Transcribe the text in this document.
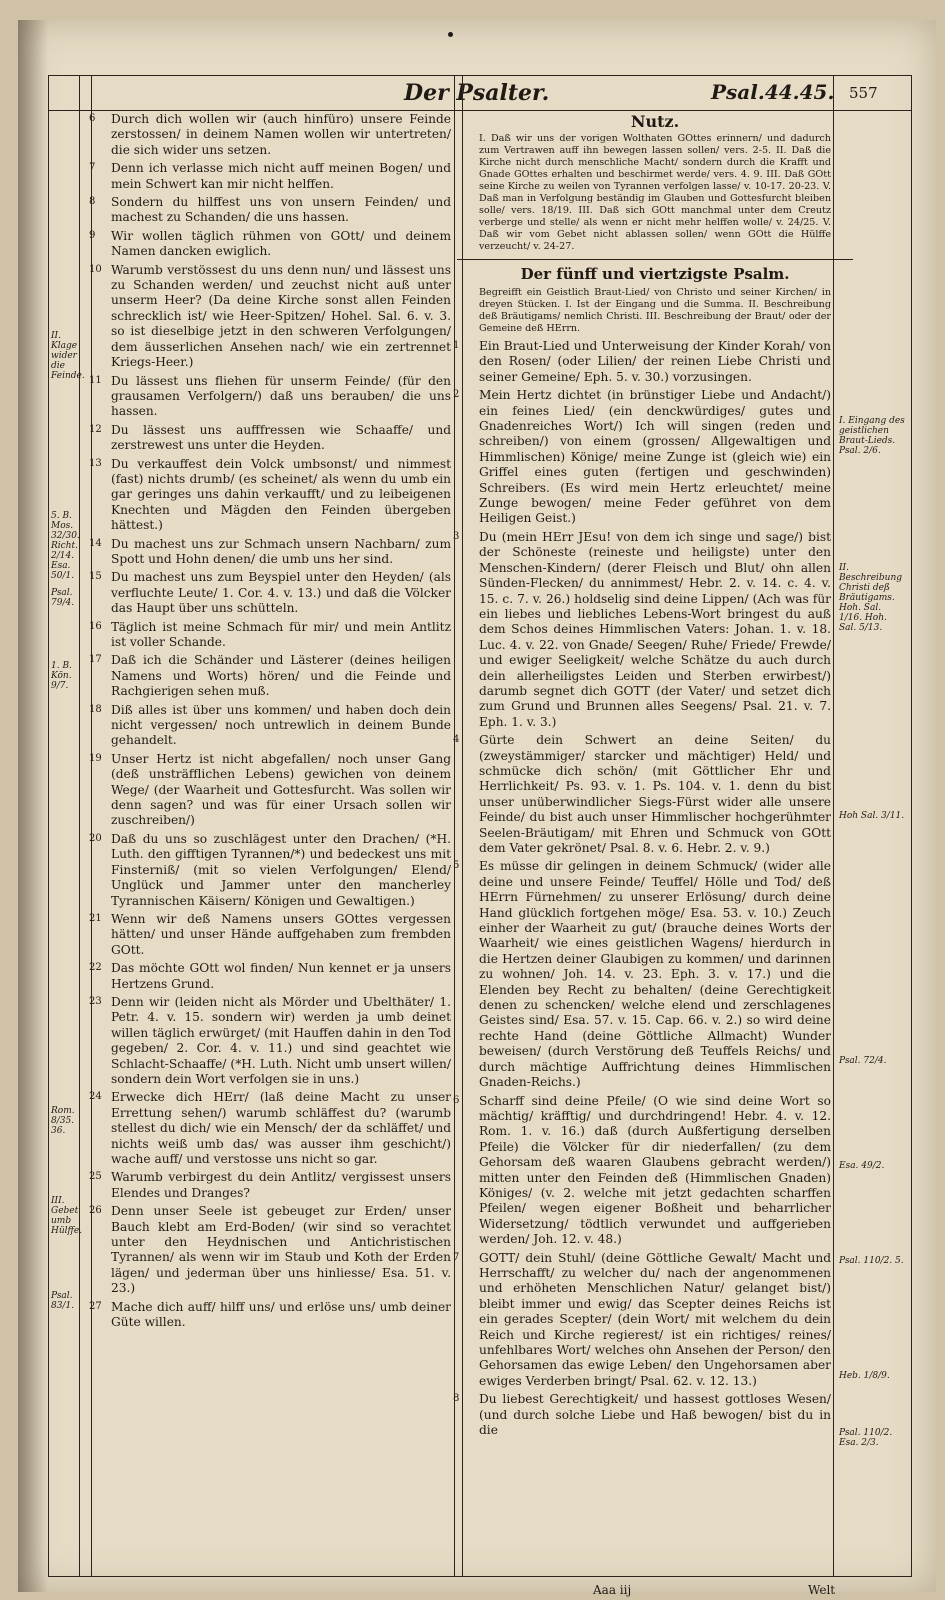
Der Psalter.	Psal.44.45. 557
II. Klage wider die Feinde.
5. B. Mos. 32/30. Richt. 2/14. Esa. 50/1.
Psal. 79/4.
1. B. Kön. 9/7.
Rom. 8/35. 36.
III. Gebet umb Hülffe.
Psal. 83/1.
I. Eingang des geistlichen Braut-Lieds. Psal. 2/6.
II. Beschreibung Christi deß Bräutigams. Hoh. Sal. 1/16. Hoh. Sal. 5/13.
Hoh Sal. 3/11.
Psal. 72/4.
Esa. 49/2.
Psal. 110/2. 5.
Heb. 1/8/9.
Psal. 110/2. Esa. 2/3.
6 Durch dich wollen wir (auch hinfüro) unsere Feinde zerstossen/ in deinem Namen wollen wir untertreten/ die sich wider uns setzen.
7 Denn ich verlasse mich nicht auff meinen Bogen/ und mein Schwert kan mir nicht helffen.
8 Sondern du hilffest uns von unsern Feinden/ und machest zu Schanden/ die uns hassen.
9 Wir wollen täglich rühmen von GOtt/ und deinem Namen dancken ewiglich.
10 Warumb verstössest du uns denn nun/ und lässest uns zu Schanden werden/ und zeuchst nicht auß unter unserm Heer? (Da deine Kirche sonst allen Feinden schrecklich ist/ wie Heer-Spitzen/ Hohel. Sal. 6. v. 3. so ist dieselbige jetzt in den schweren Verfolgungen/ dem äusserlichen Ansehen nach/ wie ein zertrennet Kriegs-Heer.)
11 Du lässest uns fliehen für unserm Feinde/ (für den grausamen Verfolgern/) daß uns berauben/ die uns hassen.
12 Du lässest uns aufffressen wie Schaaffe/ und zerstrewest uns unter die Heyden.
13 Du verkauffest dein Volck umbsonst/ und nimmest (fast) nichts drumb/ (es scheinet/ als wenn du umb ein gar geringes uns dahin verkaufft/ und zu leibeigenen Knechten und Mägden den Feinden übergeben hättest.)
14 Du machest uns zur Schmach unsern Nachbarn/ zum Spott und Hohn denen/ die umb uns her sind.
15 Du machest uns zum Beyspiel unter den Heyden/ (als verfluchte Leute/ 1. Cor. 4. v. 13.) und daß die Völcker das Haupt über uns schütteln.
16 Täglich ist meine Schmach für mir/ und mein Antlitz ist voller Schande.
17 Daß ich die Schänder und Lästerer (deines heiligen Namens und Worts) hören/ und die Feinde und Rachgierigen sehen muß.
18 Diß alles ist über uns kommen/ und haben doch dein nicht vergessen/ noch untrewlich in deinem Bunde gehandelt.
19 Unser Hertz ist nicht abgefallen/ noch unser Gang (deß unsträfflichen Lebens) gewichen von deinem Wege/ (der Waarheit und Gottesfurcht. Was sollen wir denn sagen? und was für einer Ursach sollen wir zuschreiben/)
20 Daß du uns so zuschlägest unter den Drachen/ (*H. Luth. den gifftigen Tyrannen/*) und bedeckest uns mit Finsterniß/ (mit so vielen Verfolgungen/ Elend/ Unglück und Jammer unter den mancherley Tyrannischen Käisern/ Königen und Gewaltigen.)
21 Wenn wir deß Namens unsers GOttes vergessen hätten/ und unser Hände auffgehaben zum frembden GOtt.
22 Das möchte GOtt wol finden/ Nun kennet er ja unsers Hertzens Grund.
23 Denn wir (leiden nicht als Mörder und Ubelthäter/ 1. Petr. 4. v. 15. sondern wir) werden ja umb deinet willen täglich erwürget/ (mit Hauffen dahin in den Tod gegeben/ 2. Cor. 4. v. 11.) und sind geachtet wie Schlacht-Schaaffe/ (*H. Luth. Nicht umb unsert willen/ sondern dein Wort verfolgen sie in uns.)
24 Erwecke dich HErr/ (laß deine Macht zu unser Errettung sehen/) warumb schläffest du? (warumb stellest du dich/ wie ein Mensch/ der da schläffet/ und nichts weiß umb das/ was ausser ihm geschicht/) wache auff/ und verstosse uns nicht so gar.
25 Warumb verbirgest du dein Antlitz/ vergissest unsers Elendes und Dranges?
26 Denn unser Seele ist gebeuget zur Erden/ unser Bauch klebt am Erd-Boden/ (wir sind so verachtet unter den Heydnischen und Antichristischen Tyrannen/ als wenn wir im Staub und Koth der Erden lägen/ und jederman über uns hinliesse/ Esa. 51. v. 23.)
27 Mache dich auff/ hilff uns/ und erlöse uns/ umb deiner Güte willen.
Nutz.
I. Daß wir uns der vorigen Wolthaten GOttes erinnern/ und dadurch zum Vertrawen auff ihn bewegen lassen sollen/ vers. 2-5. II. Daß die Kirche nicht durch menschliche Macht/ sondern durch die Krafft und Gnade GOttes erhalten und beschirmet werde/ vers. 4. 9. III. Daß GOtt seine Kirche zu weilen von Tyrannen verfolgen lasse/ v. 10-17. 20-23. V. Daß man in Verfolgung beständig im Glauben und Gottesfurcht bleiben solle/ vers. 18/19. III. Daß sich GOtt manchmal unter dem Creutz verberge und stelle/ als wenn er nicht mehr helffen wolle/ v. 24/25. V. Daß wir vom Gebet nicht ablassen sollen/ wenn GOtt die Hülffe verzeucht/ v. 24-27.
Der fünff und viertzigste Psalm.
Begreifft ein Geistlich Braut-Lied/ von Christo und seiner Kirchen/ in dreyen Stücken. I. Ist der Eingang und die Summa. II. Beschreibung deß Bräutigams/ nemlich Christi. III. Beschreibung der Braut/ oder der Gemeine deß HErrn.
1 Ein Braut-Lied und Unterweisung der Kinder Korah/ von den Rosen/ (oder Lilien/ der reinen Liebe Christi und seiner Gemeine/ Eph. 5. v. 30.) vorzusingen.
2 Mein Hertz dichtet (in brünstiger Liebe und Andacht/) ein feines Lied/ (ein denckwürdiges/ gutes und Gnadenreiches Wort/) Ich will singen (reden und schreiben/) von einem (grossen/ Allgewaltigen und Himmlischen) Könige/ meine Zunge ist (gleich wie) ein Griffel eines guten (fertigen und geschwinden) Schreibers. (Es wird mein Hertz erleuchtet/ meine Zunge bewogen/ meine Feder geführet von dem Heiligen Geist.)
3 Du (mein HErr JEsu! von dem ich singe und sage/) bist der Schöneste (reineste und heiligste) unter den Menschen-Kindern/ (derer Fleisch und Blut/ ohn allen Sünden-Flecken/ du annimmest/ Hebr. 2. v. 14. c. 4. v. 15. c. 7. v. 26.) holdselig sind deine Lippen/ (Ach was für ein liebes und liebliches Lebens-Wort bringest du auß dem Schos deines Himmlischen Vaters: Johan. 1. v. 18. Luc. 4. v. 22. von Gnade/ Seegen/ Ruhe/ Friede/ Frewde/ und ewiger Seeligkeit/ welche Schätze du auch durch dein allerheiligstes Leiden und Sterben erwirbest/) darumb segnet dich GOTT (der Vater/ und setzet dich zum Grund und Brunnen alles Seegens/ Psal. 21. v. 7. Eph. 1. v. 3.)
4 Gürte dein Schwert an deine Seiten/ du (zweystämmiger/ starcker und mächtiger) Held/ und schmücke dich schön/ (mit Göttlicher Ehr und Herrlichkeit/ Ps. 93. v. 1. Ps. 104. v. 1. denn du bist unser unüberwindlicher Siegs-Fürst wider alle unsere Feinde/ du bist auch unser Himmlischer hochgerühmter Seelen-Bräutigam/ mit Ehren und Schmuck von GOtt dem Vater gekrönet/ Psal. 8. v. 6. Hebr. 2. v. 9.)
5 Es müsse dir gelingen in deinem Schmuck/ (wider alle deine und unsere Feinde/ Teuffel/ Hölle und Tod/ deß HErrn Fürnehmen/ zu unserer Erlösung/ durch deine Hand glücklich fortgehen möge/ Esa. 53. v. 10.) Zeuch einher der Waarheit zu gut/ (brauche deines Worts der Waarheit/ wie eines geistlichen Wagens/ hierdurch in die Hertzen deiner Glaubigen zu kommen/ und darinnen zu wohnen/ Joh. 14. v. 23. Eph. 3. v. 17.) und die Elenden bey Recht zu behalten/ (deine Gerechtigkeit denen zu schencken/ welche elend und zerschlagenes Geistes sind/ Esa. 57. v. 15. Cap. 66. v. 2.) so wird deine rechte Hand (deine Göttliche Allmacht) Wunder beweisen/ (durch Verstörung deß Teuffels Reichs/ und durch mächtige Auffrichtung deines Himmlischen Gnaden-Reichs.)
6 Scharff sind deine Pfeile/ (O wie sind deine Wort so mächtig/ kräfftig/ und durchdringend! Hebr. 4. v. 12. Rom. 1. v. 16.) daß (durch Außfertigung derselben Pfeile) die Völcker für dir niederfallen/ (zu dem Gehorsam deß waaren Glaubens gebracht werden/) mitten unter den Feinden deß (Himmlischen Gnaden) Königes/ (v. 2. welche mit jetzt gedachten scharffen Pfeilen/ wegen eigener Boßheit und beharrlicher Widersetzung/ tödtlich verwundet und auffgerieben werden/ Joh. 12. v. 48.)
7 GOTT/ dein Stuhl/ (deine Göttliche Gewalt/ Macht und Herrschafft/ zu welcher du/ nach der angenommenen und erhöheten Menschlichen Natur/ gelanget bist/) bleibt immer und ewig/ das Scepter deines Reichs ist ein gerades Scepter/ (dein Wort/ mit welchem du dein Reich und Kirche regierest/ ist ein richtiges/ reines/ unfehlbares Wort/ welches ohn Ansehen der Person/ den Gehorsamen das ewige Leben/ den Ungehorsamen aber ewiges Verderben bringt/ Psal. 62. v. 12. 13.)
8 Du liebest Gerechtigkeit/ und hassest gottloses Wesen/ (und durch solche Liebe und Haß bewogen/ bist du in die
Aaa iij	Welt
